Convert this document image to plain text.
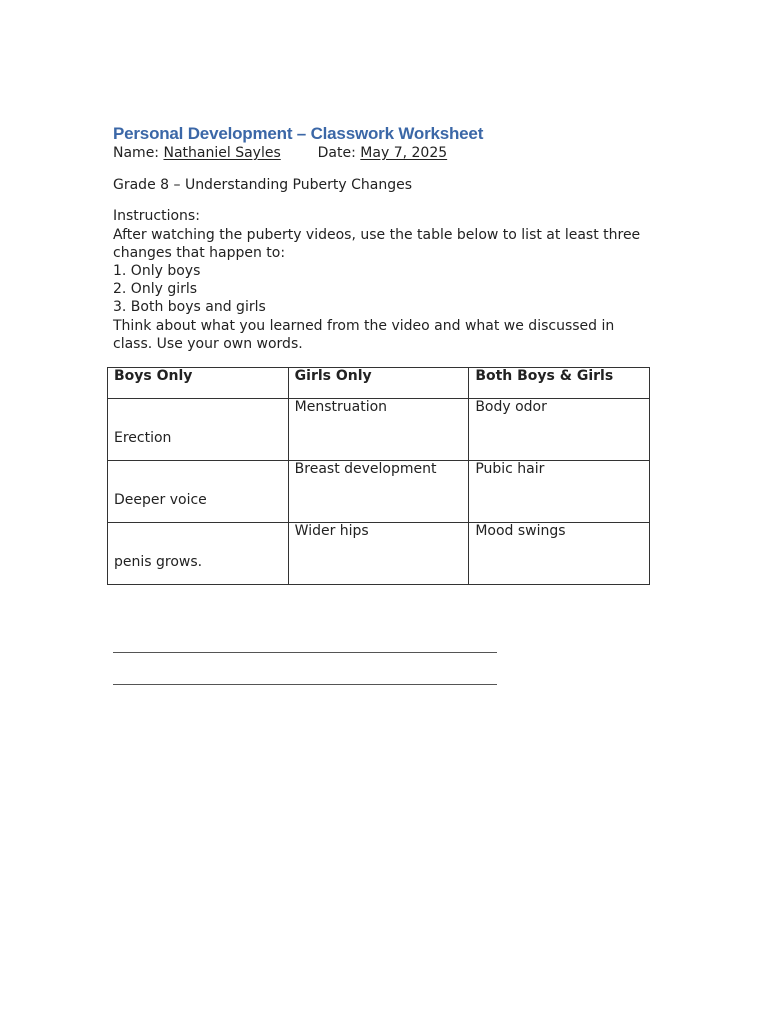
Personal Development – Classwork Worksheet
Name: Nathaniel Sayles	Date: May 7, 2025
Grade 8 – Understanding Puberty Changes
Instructions:
After watching the puberty videos, use the table below to list at least three
changes that happen to:
1. Only boys
2. Only girls
3. Both boys and girls
Think about what you learned from the video and what we discussed in
class. Use your own words.
Boys Only	Girls Only	Both Boys & Girls

Erection	Menstruation	Body odor

Deeper voice	Breast development	Pubic hair

penis grows.	Wider hips	Mood swings
